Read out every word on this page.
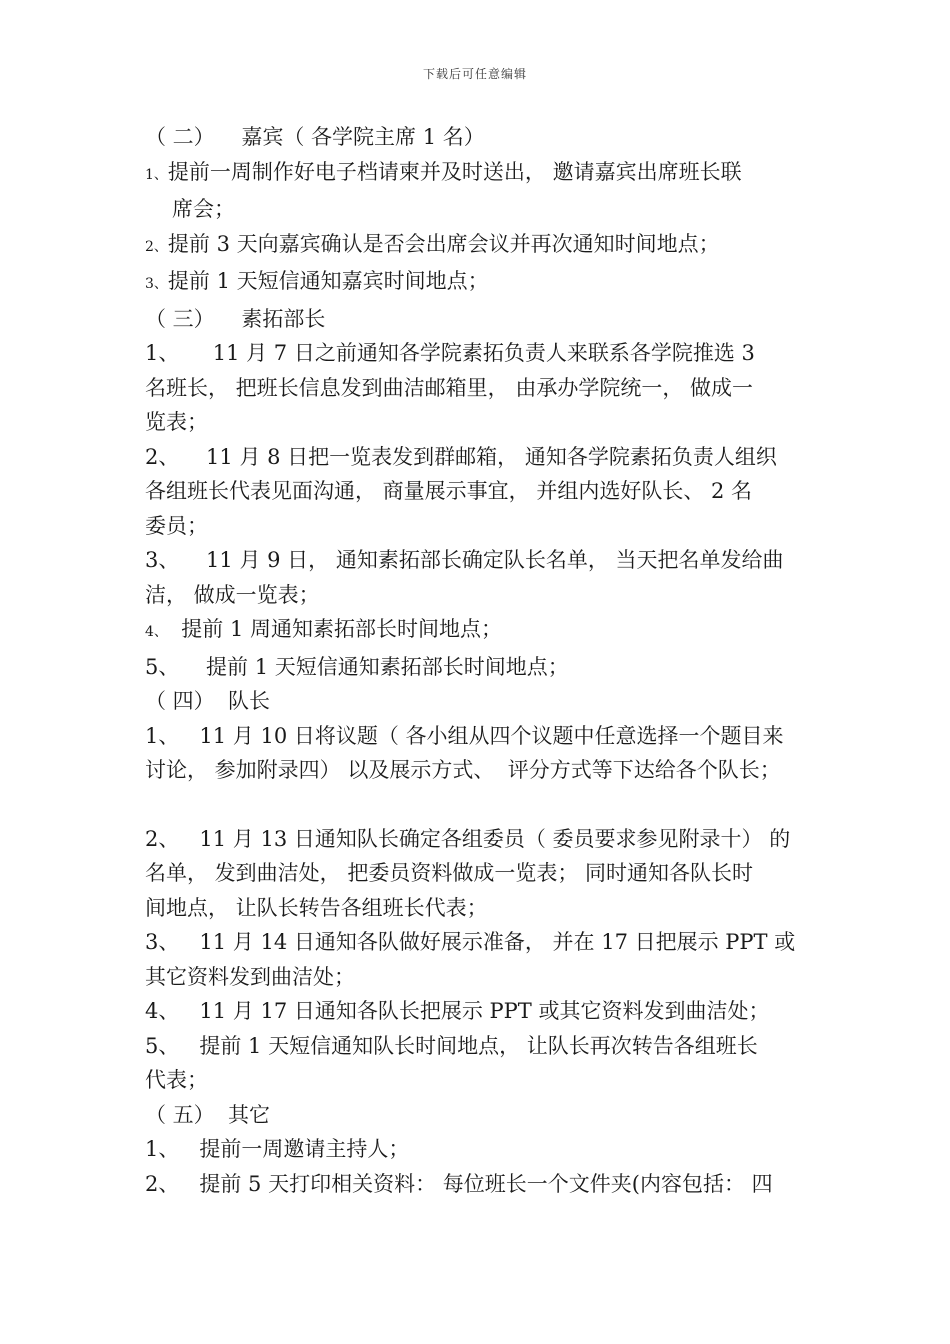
下载后可任意编辑

（ 二）    嘉宾（ 各学院主席 1 名）

1、提前一周制作好电子档请柬并及时送出， 邀请嘉宾出席班长联

席会；

2、提前 3 天向嘉宾确认是否会出席会议并再次通知时间地点；

3、提前 1 天短信通知嘉宾时间地点；

（ 三）    素拓部长

1、     11 月 7 日之前通知各学院素拓负责人来联系各学院推选 3

名班长， 把班长信息发到曲洁邮箱里， 由承办学院统一， 做成一

览表；

2、    11 月 8 日把一览表发到群邮箱， 通知各学院素拓负责人组织

各组班长代表见面沟通， 商量展示事宜， 并组内选好队长、 2 名

委员；

3、    11 月 9 日， 通知素拓部长确定队长名单， 当天把名单发给曲

洁， 做成一览表；

4、  提前 1 周通知素拓部长时间地点；

5、    提前 1 天短信通知素拓部长时间地点；

（ 四）  队长

1、   11 月 10 日将议题（ 各小组从四个议题中任意选择一个题目来

讨论， 参加附录四） 以及展示方式、  评分方式等下达给各个队长；

2、   11 月 13 日通知队长确定各组委员（ 委员要求参见附录十） 的

名单， 发到曲洁处， 把委员资料做成一览表； 同时通知各队长时

间地点， 让队长转告各组班长代表；

3、   11 月 14 日通知各队做好展示准备， 并在 17 日把展示 PPT 或

其它资料发到曲洁处；

4、   11 月 17 日通知各队长把展示 PPT 或其它资料发到曲洁处；

5、   提前 1 天短信通知队长时间地点， 让队长再次转告各组班长

代表；

（ 五）  其它

1、   提前一周邀请主持人；

2、   提前 5 天打印相关资料： 每位班长一个文件夹(内容包括： 四
